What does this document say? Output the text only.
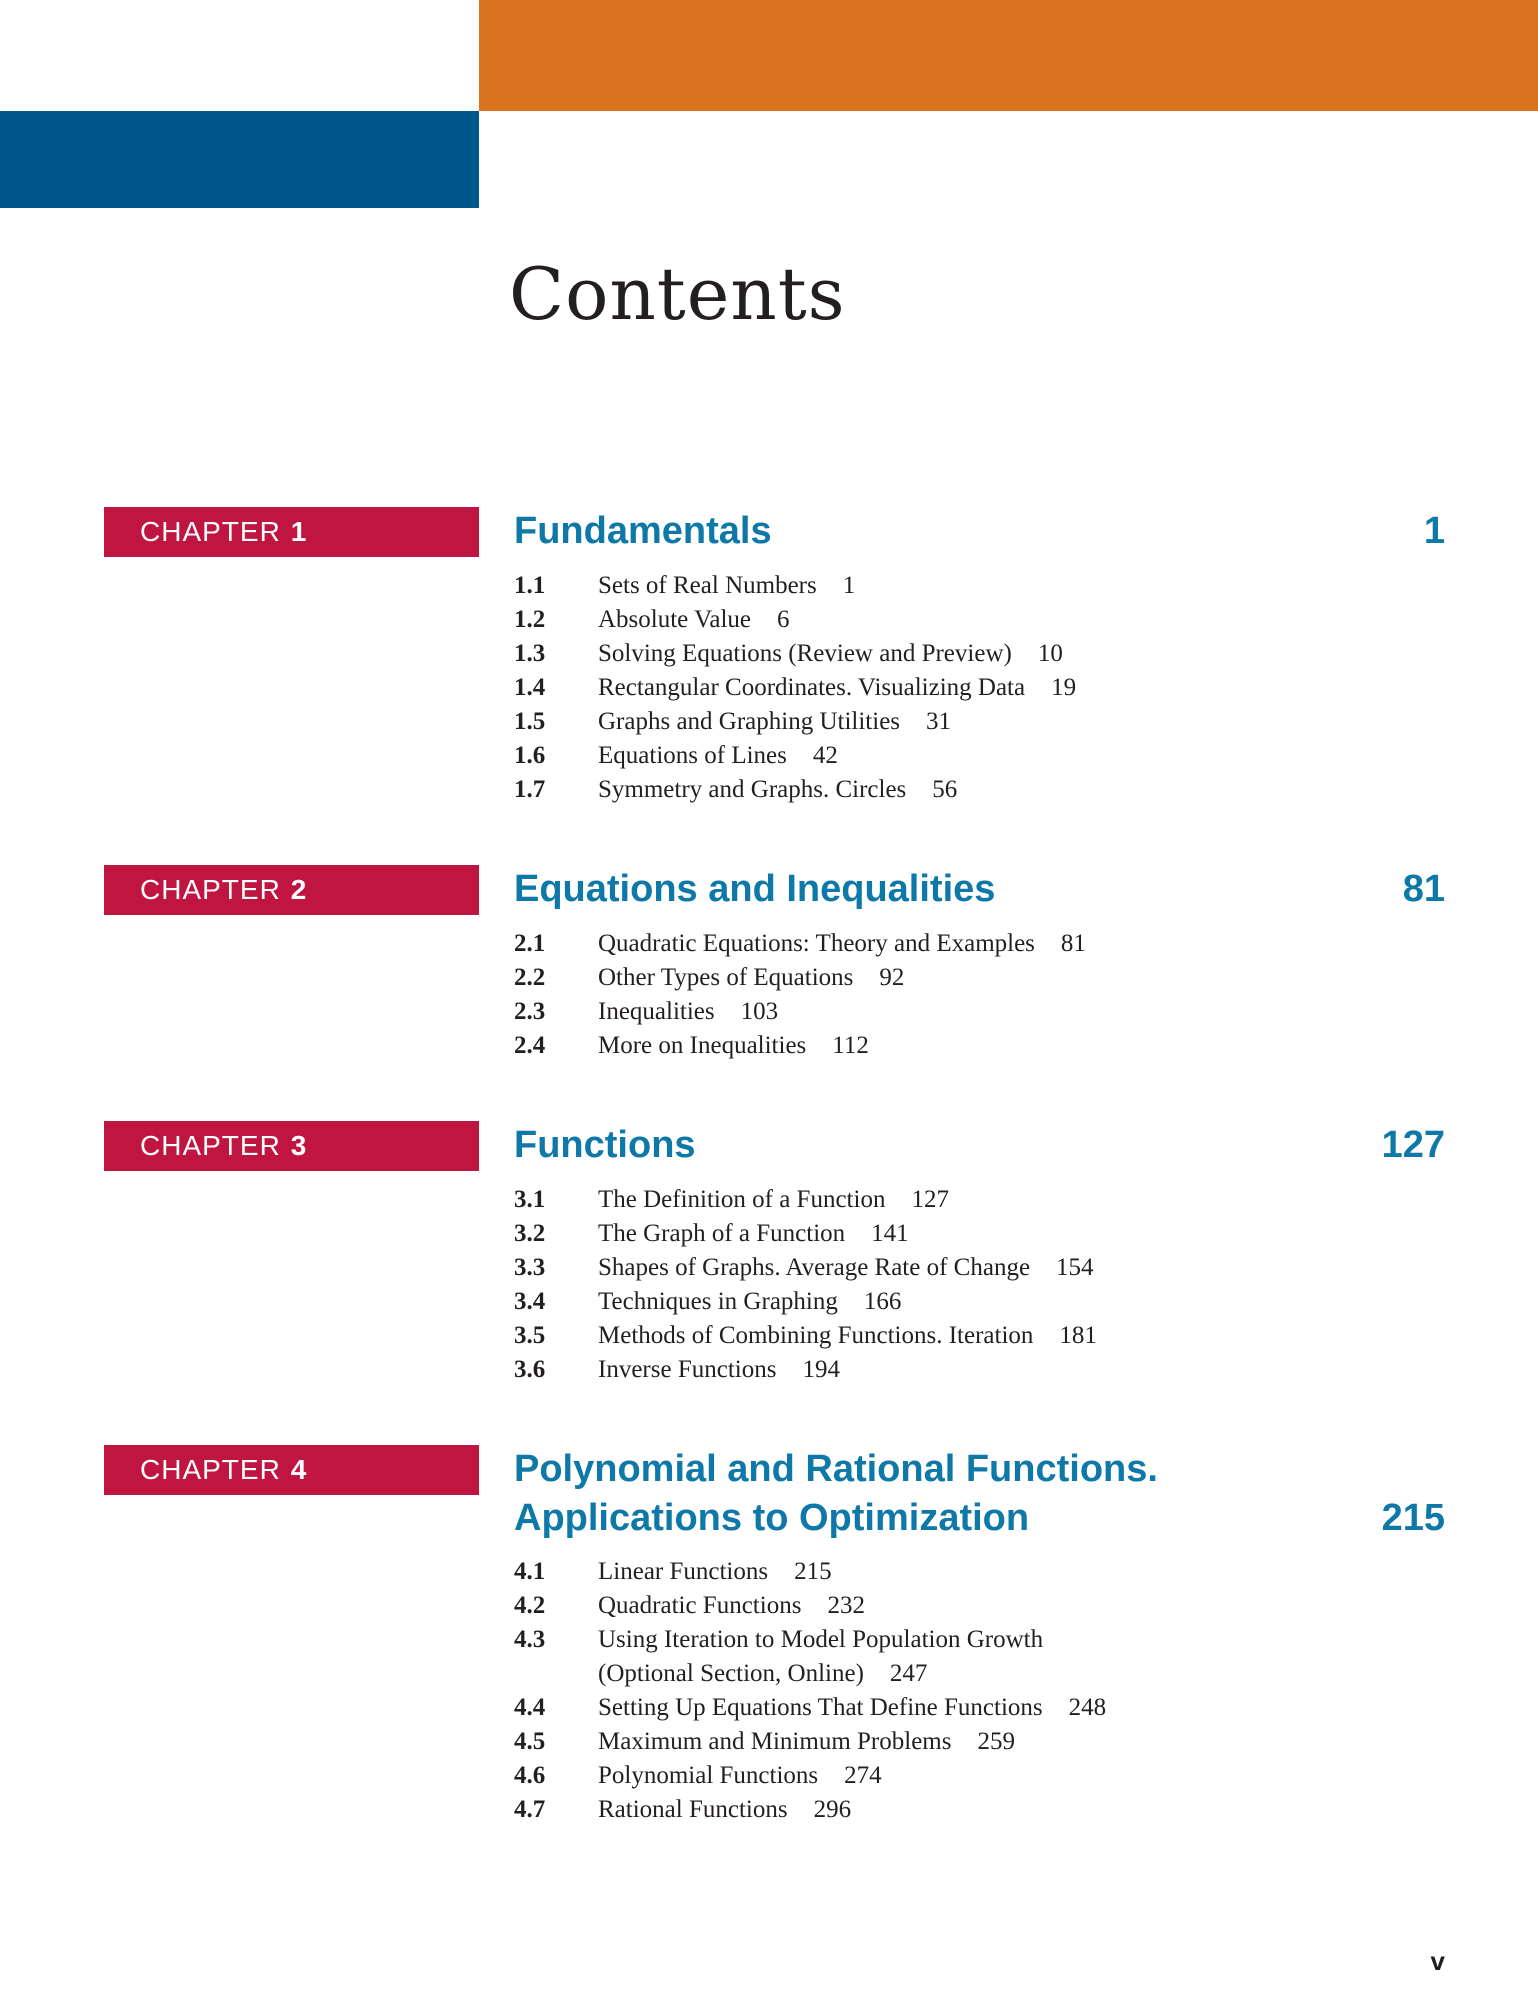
Contents
CHAPTER 1	Fundamentals	1
1.1	Sets of Real Numbers 1
1.2	Absolute Value 6
1.3	Solving Equations (Review and Preview) 10
1.4	Rectangular Coordinates. Visualizing Data 19
1.5	Graphs and Graphing Utilities 31
1.6	Equations of Lines 42
1.7	Symmetry and Graphs. Circles 56
CHAPTER 2	Equations and Inequalities	81
2.1	Quadratic Equations: Theory and Examples 81
2.2	Other Types of Equations 92
2.3	Inequalities 103
2.4	More on Inequalities 112
CHAPTER 3	Functions	127
3.1	The Definition of a Function 127
3.2	The Graph of a Function 141
3.3	Shapes of Graphs. Average Rate of Change 154
3.4	Techniques in Graphing 166
3.5	Methods of Combining Functions. Iteration 181
3.6	Inverse Functions 194
CHAPTER 4	Polynomial and Rational Functions.
Applications to Optimization	215
4.1	Linear Functions 215
4.2	Quadratic Functions 232
4.3	Using Iteration to Model Population Growth
(Optional Section, Online) 247
4.4	Setting Up Equations That Define Functions 248
4.5	Maximum and Minimum Problems 259
4.6	Polynomial Functions 274
4.7	Rational Functions 296
v
